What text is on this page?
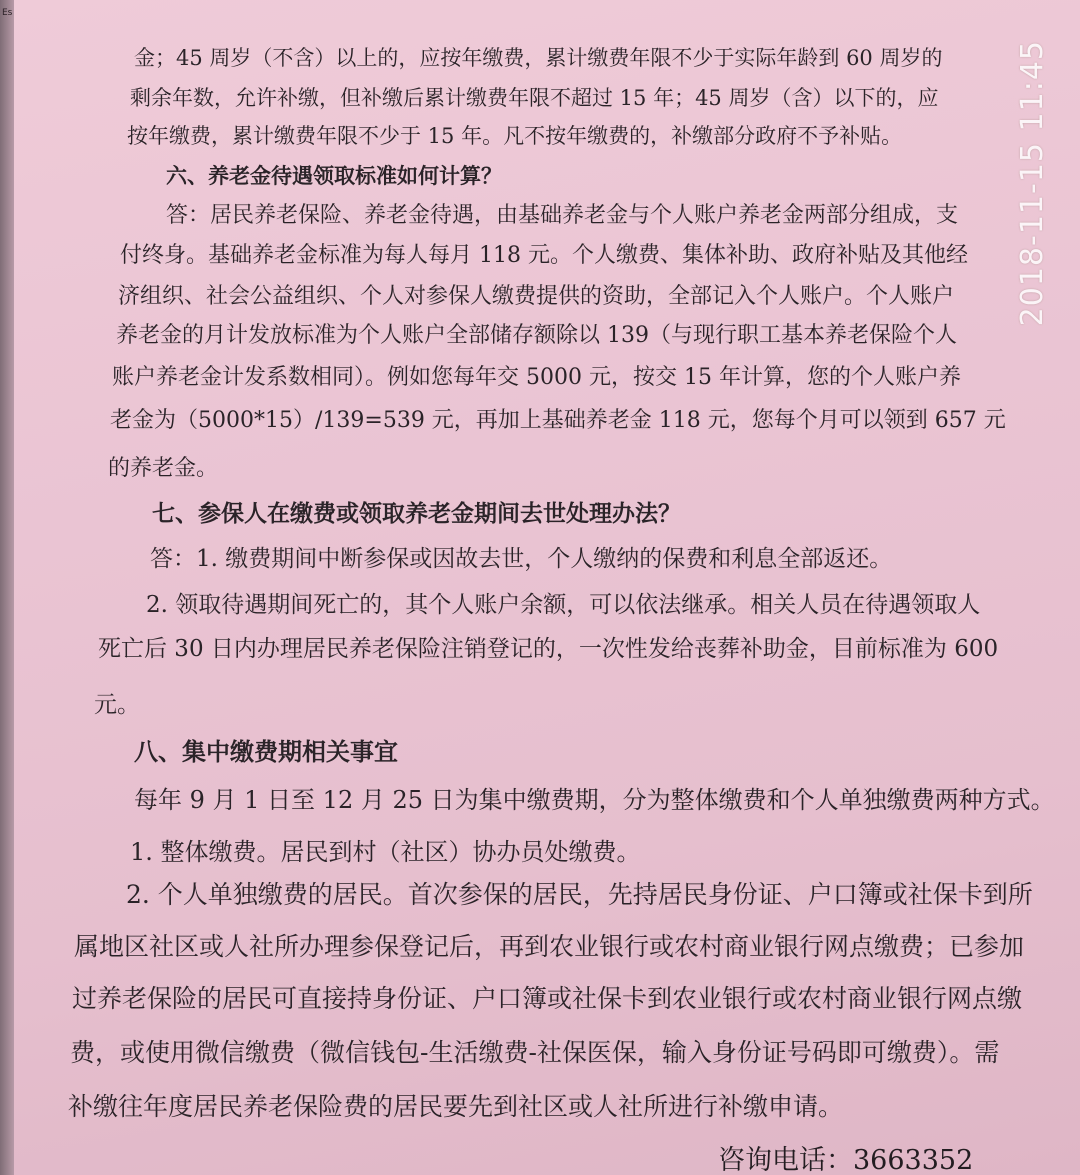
Es
2018-11-15 11:45
金；45 周岁（不含）以上的，应按年缴费，累计缴费年限不少于实际年龄到 60 周岁的
剩余年数，允许补缴，但补缴后累计缴费年限不超过 15 年；45 周岁（含）以下的，应
按年缴费，累计缴费年限不少于 15 年。凡不按年缴费的，补缴部分政府不予补贴。
六、养老金待遇领取标准如何计算？
答：居民养老保险、养老金待遇，由基础养老金与个人账户养老金两部分组成，支
付终身。基础养老金标准为每人每月 118 元。个人缴费、集体补助、政府补贴及其他经
济组织、社会公益组织、个人对参保人缴费提供的资助，全部记入个人账户。个人账户
养老金的月计发放标准为个人账户全部储存额除以 139（与现行职工基本养老保险个人
账户养老金计发系数相同）。例如您每年交 5000 元，按交 15 年计算，您的个人账户养
老金为（5000*15）/139=539 元，再加上基础养老金 118 元，您每个月可以领到 657 元
的养老金。
七、参保人在缴费或领取养老金期间去世处理办法？
答：1. 缴费期间中断参保或因故去世，个人缴纳的保费和利息全部返还。
2. 领取待遇期间死亡的，其个人账户余额，可以依法继承。相关人员在待遇领取人
死亡后 30 日内办理居民养老保险注销登记的，一次性发给丧葬补助金，目前标准为 600
元。
八、集中缴费期相关事宜
每年 9 月 1 日至 12 月 25 日为集中缴费期，分为整体缴费和个人单独缴费两种方式。
1. 整体缴费。居民到村（社区）协办员处缴费。
2. 个人单独缴费的居民。首次参保的居民，先持居民身份证、户口簿或社保卡到所
属地区社区或人社所办理参保登记后，再到农业银行或农村商业银行网点缴费；已参加
过养老保险的居民可直接持身份证、户口簿或社保卡到农业银行或农村商业银行网点缴
费，或使用微信缴费（微信钱包-生活缴费-社保医保，输入身份证号码即可缴费）。需
补缴往年度居民养老保险费的居民要先到社区或人社所进行补缴申请。
咨询电话：3663352
